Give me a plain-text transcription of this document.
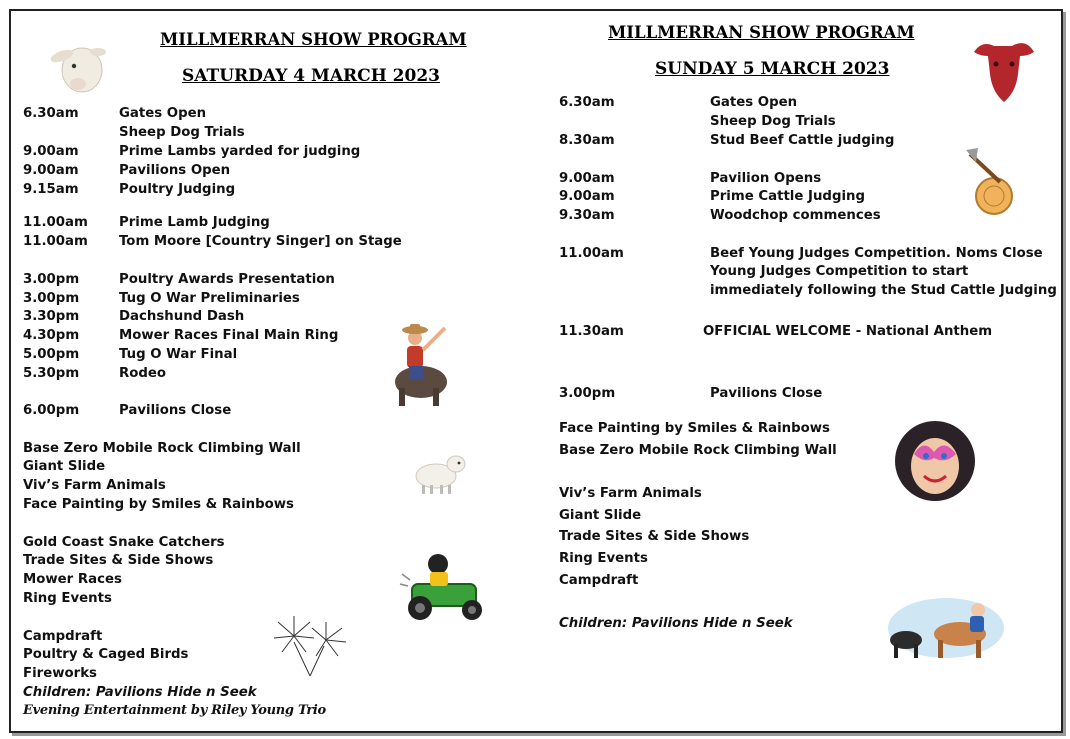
MILLMERRAN SHOW PROGRAM
SATURDAY 4 MARCH 2023
6.30am	Gates Open
Sheep Dog Trials
9.00am	Prime Lambs yarded for judging
9.00am	Pavilions Open
9.15am	Poultry Judging
11.00am Prime Lamb Judging
11.00am Tom Moore [Country Singer] on Stage
3.00pm	Poultry Awards Presentation
3.00pm	Tug O War Preliminaries
3.30pm	Dachshund Dash
4.30pm	Mower Races Final Main Ring
5.00pm	Tug O War Final
5.30pm	Rodeo
6.00pm	Pavilions Close
Base Zero Mobile Rock Climbing Wall
Giant Slide
Viv’s Farm Animals
Face Painting by Smiles & Rainbows
Gold Coast Snake Catchers
Trade Sites & Side Shows
Mower Races
Ring Events
Campdraft
Poultry & Caged Birds
Fireworks
Children: Pavilions Hide n Seek
Evening Entertainment by Riley Young Trio
MILLMERRAN SHOW PROGRAM
SUNDAY 5 MARCH 2023
6.30am	Gates Open
Sheep Dog Trials
8.30am	Stud Beef Cattle judging
9.00am	Pavilion Opens
9.00am	Prime Cattle Judging
9.30am	Woodchop commences
11.00am	Beef Young Judges Competition. Noms Close
Young Judges Competition to start
immediately following the Stud Cattle Judging
11.30am	OFFICIAL WELCOME - National Anthem
3.00pm	Pavilions Close
Face Painting by Smiles & Rainbows
Base Zero Mobile Rock Climbing Wall
Viv’s Farm Animals
Giant Slide
Trade Sites & Side Shows
Ring Events
Campdraft
Children: Pavilions Hide n Seek
